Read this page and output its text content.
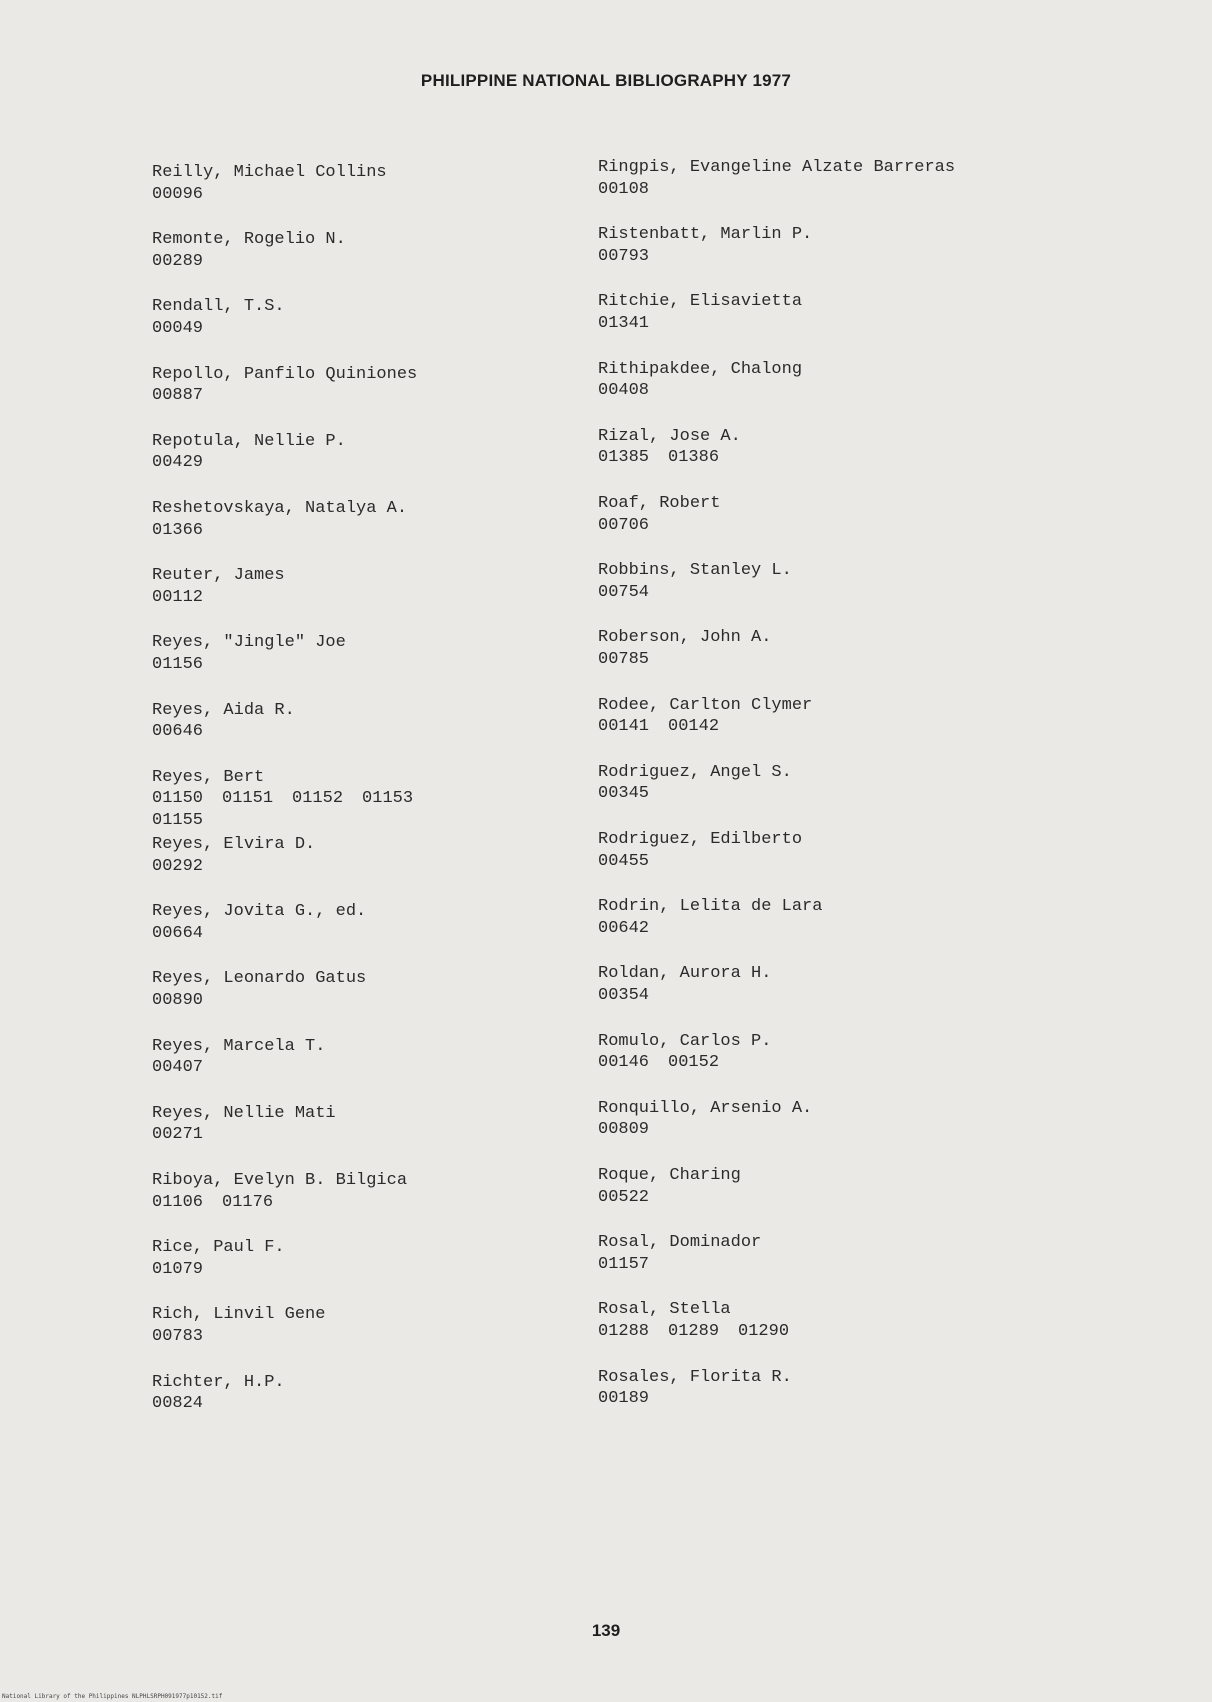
PHILIPPINE NATIONAL BIBLIOGRAPHY 1977
Reilly, Michael Collins
00096
Remonte, Rogelio N.
00289
Rendall, T.S.
00049
Repollo, Panfilo Quiniones
00887
Repotula, Nellie P.
00429
Reshetovskaya, Natalya A.
01366
Reuter, James
00112
Reyes, "Jingle" Joe
01156
Reyes, Aida R.
00646
Reyes, Bert
01150 01151 01152 01153
01155
Reyes, Elvira D.
00292
Reyes, Jovita G., ed.
00664
Reyes, Leonardo Gatus
00890
Reyes, Marcela T.
00407
Reyes, Nellie Mati
00271
Riboya, Evelyn B. Bilgica
01106 01176
Rice, Paul F.
01079
Rich, Linvil Gene
00783
Richter, H.P.
00824
Ringpis, Evangeline Alzate Barreras
00108
Ristenbatt, Marlin P.
00793
Ritchie, Elisavietta
01341
Rithipakdee, Chalong
00408
Rizal, Jose A.
01385 01386
Roaf, Robert
00706
Robbins, Stanley L.
00754
Roberson, John A.
00785
Rodee, Carlton Clymer
00141 00142
Rodriguez, Angel S.
00345
Rodriguez, Edilberto
00455
Rodrin, Lelita de Lara
00642
Roldan, Aurora H.
00354
Romulo, Carlos P.
00146 00152
Ronquillo, Arsenio A.
00809
Roque, Charing
00522
Rosal, Dominador
01157
Rosal, Stella
01288 01289 01290
Rosales, Florita R.
00189
139
National Library of the Philippines NLPHLSRPH091977p10152.tif
